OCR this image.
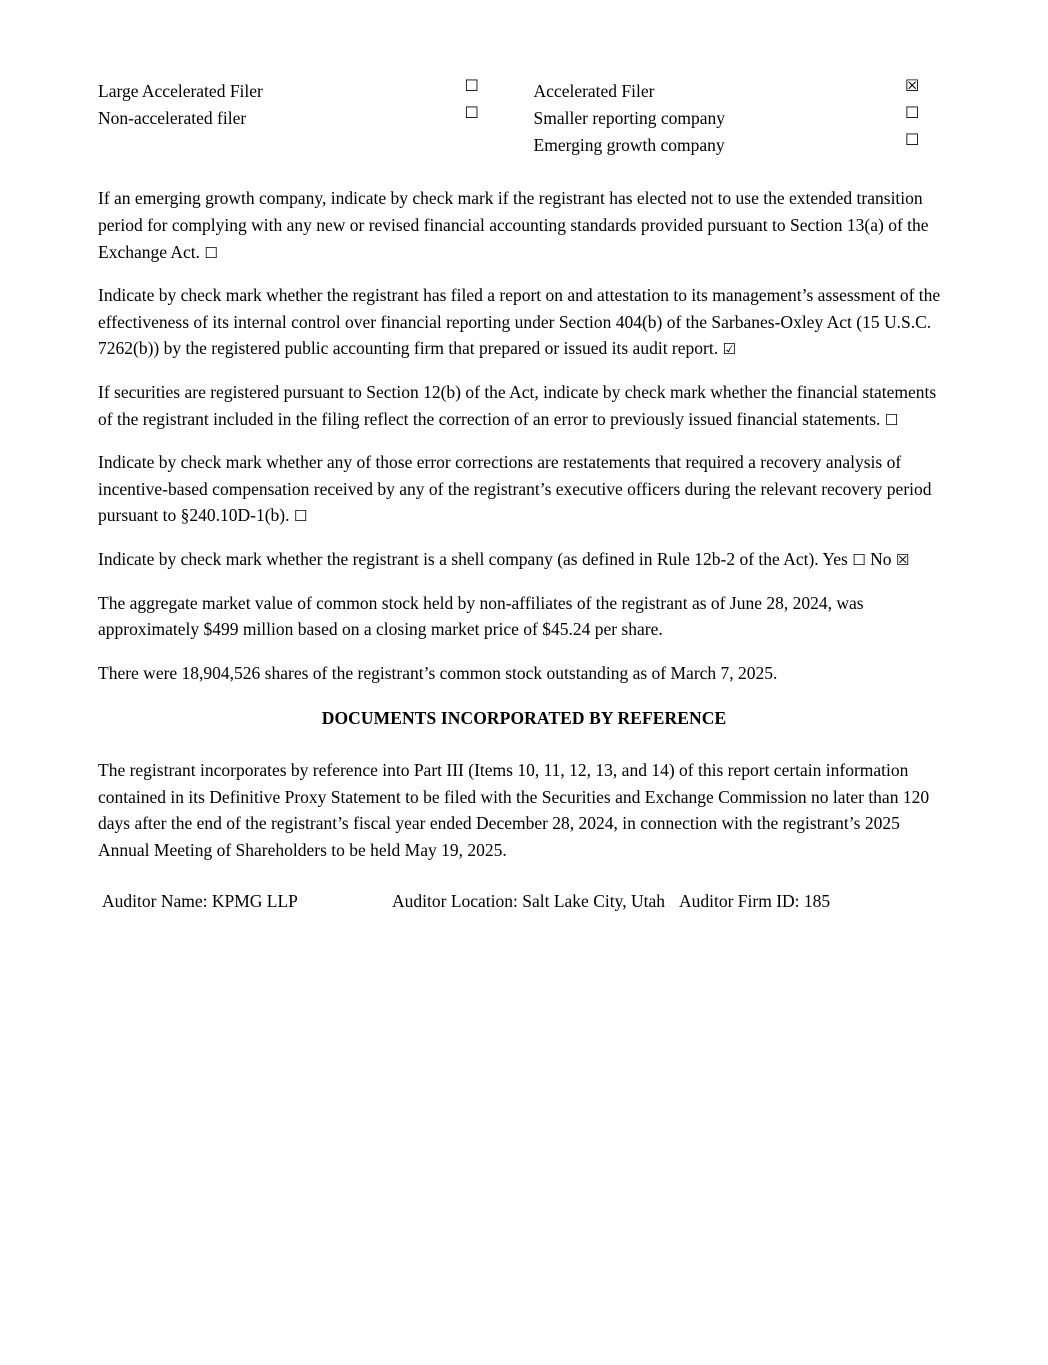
Large Accelerated Filer	☐	Accelerated Filer	☒
Non-accelerated filer	☐	Smaller reporting company	☐
		Emerging growth company	☐

If an emerging growth company, indicate by check mark if the registrant has elected not to use the extended transition period for complying with any new or revised financial accounting standards provided pursuant to Section 13(a) of the Exchange Act. ☐

Indicate by check mark whether the registrant has filed a report on and attestation to its management’s assessment of the effectiveness of its internal control over financial reporting under Section 404(b) of the Sarbanes-Oxley Act (15 U.S.C. 7262(b)) by the registered public accounting firm that prepared or issued its audit report. ☑

If securities are registered pursuant to Section 12(b) of the Act, indicate by check mark whether the financial statements of the registrant included in the filing reflect the correction of an error to previously issued financial statements. ☐

Indicate by check mark whether any of those error corrections are restatements that required a recovery analysis of incentive-based compensation received by any of the registrant’s executive officers during the relevant recovery period pursuant to §240.10D-1(b). ☐

Indicate by check mark whether the registrant is a shell company (as defined in Rule 12b-2 of the Act). Yes ☐ No ☒

The aggregate market value of common stock held by non-affiliates of the registrant as of June 28, 2024, was approximately $499 million based on a closing market price of $45.24 per share.

There were 18,904,526 shares of the registrant’s common stock outstanding as of March 7, 2025.

DOCUMENTS INCORPORATED BY REFERENCE

The registrant incorporates by reference into Part III (Items 10, 11, 12, 13, and 14) of this report certain information contained in its Definitive Proxy Statement to be filed with the Securities and Exchange Commission no later than 120 days after the end of the registrant’s fiscal year ended December 28, 2024, in connection with the registrant’s 2025 Annual Meeting of Shareholders to be held May 19, 2025.

Auditor Name: KPMG LLP	Auditor Location: Salt Lake City, Utah Auditor Firm ID: 185
